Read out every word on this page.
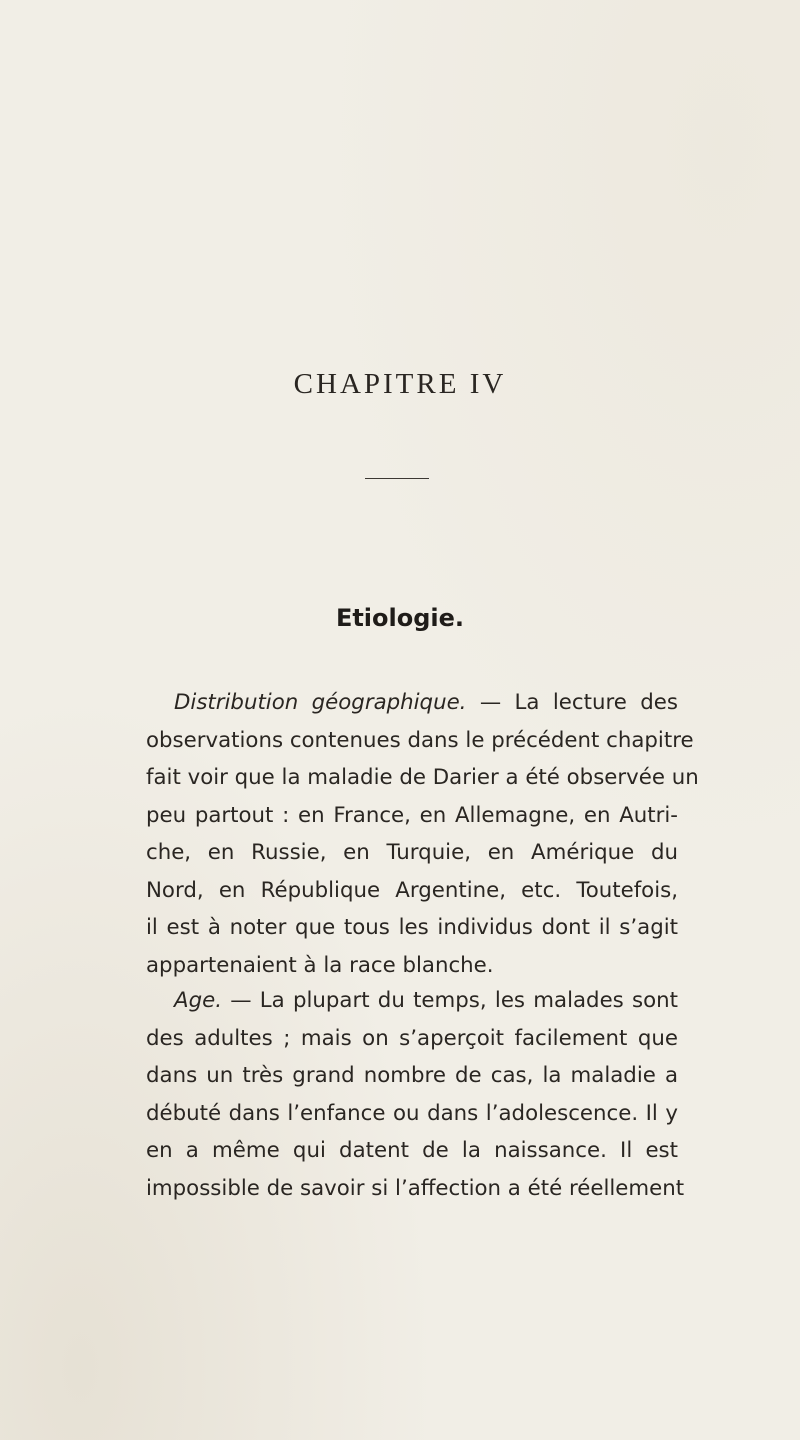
CHAPITRE IV
Etiologie.
Distribution géographique. — La lecture des
observations contenues dans le précédent chapitre
fait voir que la maladie de Darier a été observée un
peu partout : en France, en Allemagne, en Autri-
che, en Russie, en Turquie, en Amérique du
Nord, en République Argentine, etc. Toutefois,
il est à noter que tous les individus dont il s’agit
appartenaient à la race blanche.
Age. — La plupart du temps, les malades sont
des adultes ; mais on s’aperçoit facilement que
dans un très grand nombre de cas, la maladie a
débuté dans l’enfance ou dans l’adolescence. Il y
en a même qui datent de la naissance. Il est
impossible de savoir si l’affection a été réellement
